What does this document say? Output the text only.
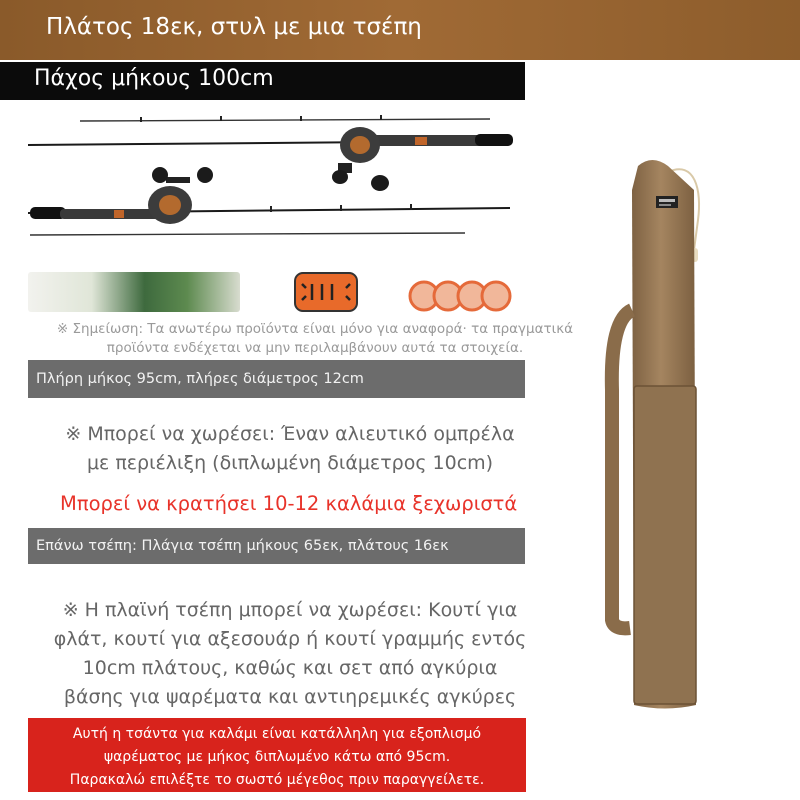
Πλάτος 18εκ, στυλ με μια τσέπη
Πάχος μήκους 100cm
※ Σημείωση: Τα ανωτέρω προϊόντα είναι μόνο για αναφορά· τα πραγματικά
προϊόντα ενδέχεται να μην περιλαμβάνουν αυτά τα στοιχεία.
Πλήρη μήκος 95cm, πλήρες διάμετρος 12cm
※ Μπορεί να χωρέσει: Έναν αλιευτικό ομπρέλα
με περιέλιξη (διπλωμένη διάμετρος 10cm)
Μπορεί να κρατήσει 10-12 καλάμια ξεχωριστά
Επάνω τσέπη: Πλάγια τσέπη μήκους 65εκ, πλάτους 16εκ
※ Η πλαϊνή τσέπη μπορεί να χωρέσει: Κουτί για
φλάτ, κουτί για αξεσουάρ ή κουτί γραμμής εντός
10cm πλάτους, καθώς και σετ από αγκύρια
βάσης για ψαρέματα και αντιηρεμικές αγκύρες
Αυτή η τσάντα για καλάμι είναι κατάλληλη για εξοπλισμό
ψαρέματος με μήκος διπλωμένο κάτω από 95cm.
Παρακαλώ επιλέξτε το σωστό μέγεθος πριν παραγγείλετε.
